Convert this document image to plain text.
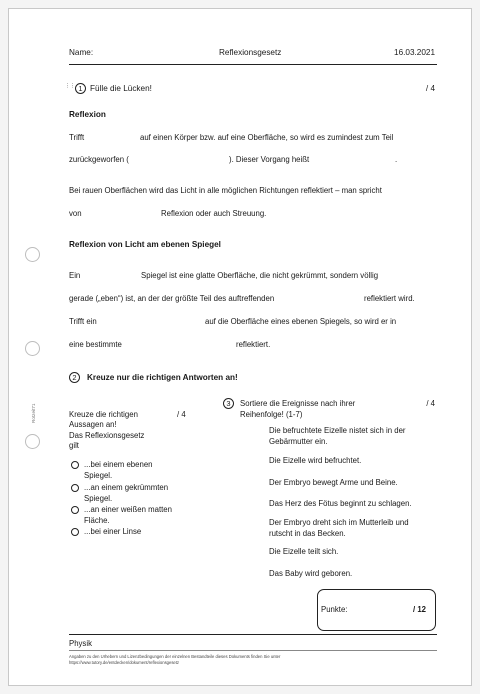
Rotzeit71
Name:	Reflexionsgesetz	16.03.2021
⋮⋮ 1 Fülle die Lücken!	/ 4
Reflexion
Trifft	auf einen Körper bzw. auf eine Oberfläche, so wird es zumindest zum Teil
zurückgeworfen (	). Dieser Vorgang heißt	.
Bei rauen Oberflächen wird das Licht in alle möglichen Richtungen reflektiert – man spricht
von	Reflexion oder auch Streuung.
Reflexion von Licht am ebenen Spiegel
Ein	Spiegel ist eine glatte Oberfläche, die nicht gekrümmt, sondern völlig
gerade („eben“) ist, an der der größte Teil des auftreffenden	reflektiert wird.
Trifft ein	auf die Oberfläche eines ebenen Spiegels, so wird er in
eine bestimmte	reflektiert.
2	Kreuze nur die richtigen Antworten an!
Kreuze die richtigen	/ 4
Aussagen an!
Das Reflexionsgesetz
gilt
...bei einem ebenen
Spiegel.
...an einem gekrümmten
Spiegel.
...an einer weißen matten
Fläche.
...bei einer Linse
3	Sortiere die Ereignisse nach ihrer
Reihenfolge! (1-7)
/ 4
Die befruchtete Eizelle nistet sich in der
Gebärmutter ein.
Die Eizelle wird befruchtet.
Der Embryo bewegt Arme und Beine.
Das Herz des Fötus beginnt zu schlagen.
Der Embryo dreht sich im Mutterleib und
rutscht in das Becken.
Die Eizelle teilt sich.
Das Baby wird geboren.
Punkte:	/ 12
Physik
Angaben zu den Urhebern und Lizenzbedingungen der einzelnen Bestandteile dieses Dokuments finden Sie unter
https://www.tutory.de/entdecken/dokument/reflexionsgesetz
